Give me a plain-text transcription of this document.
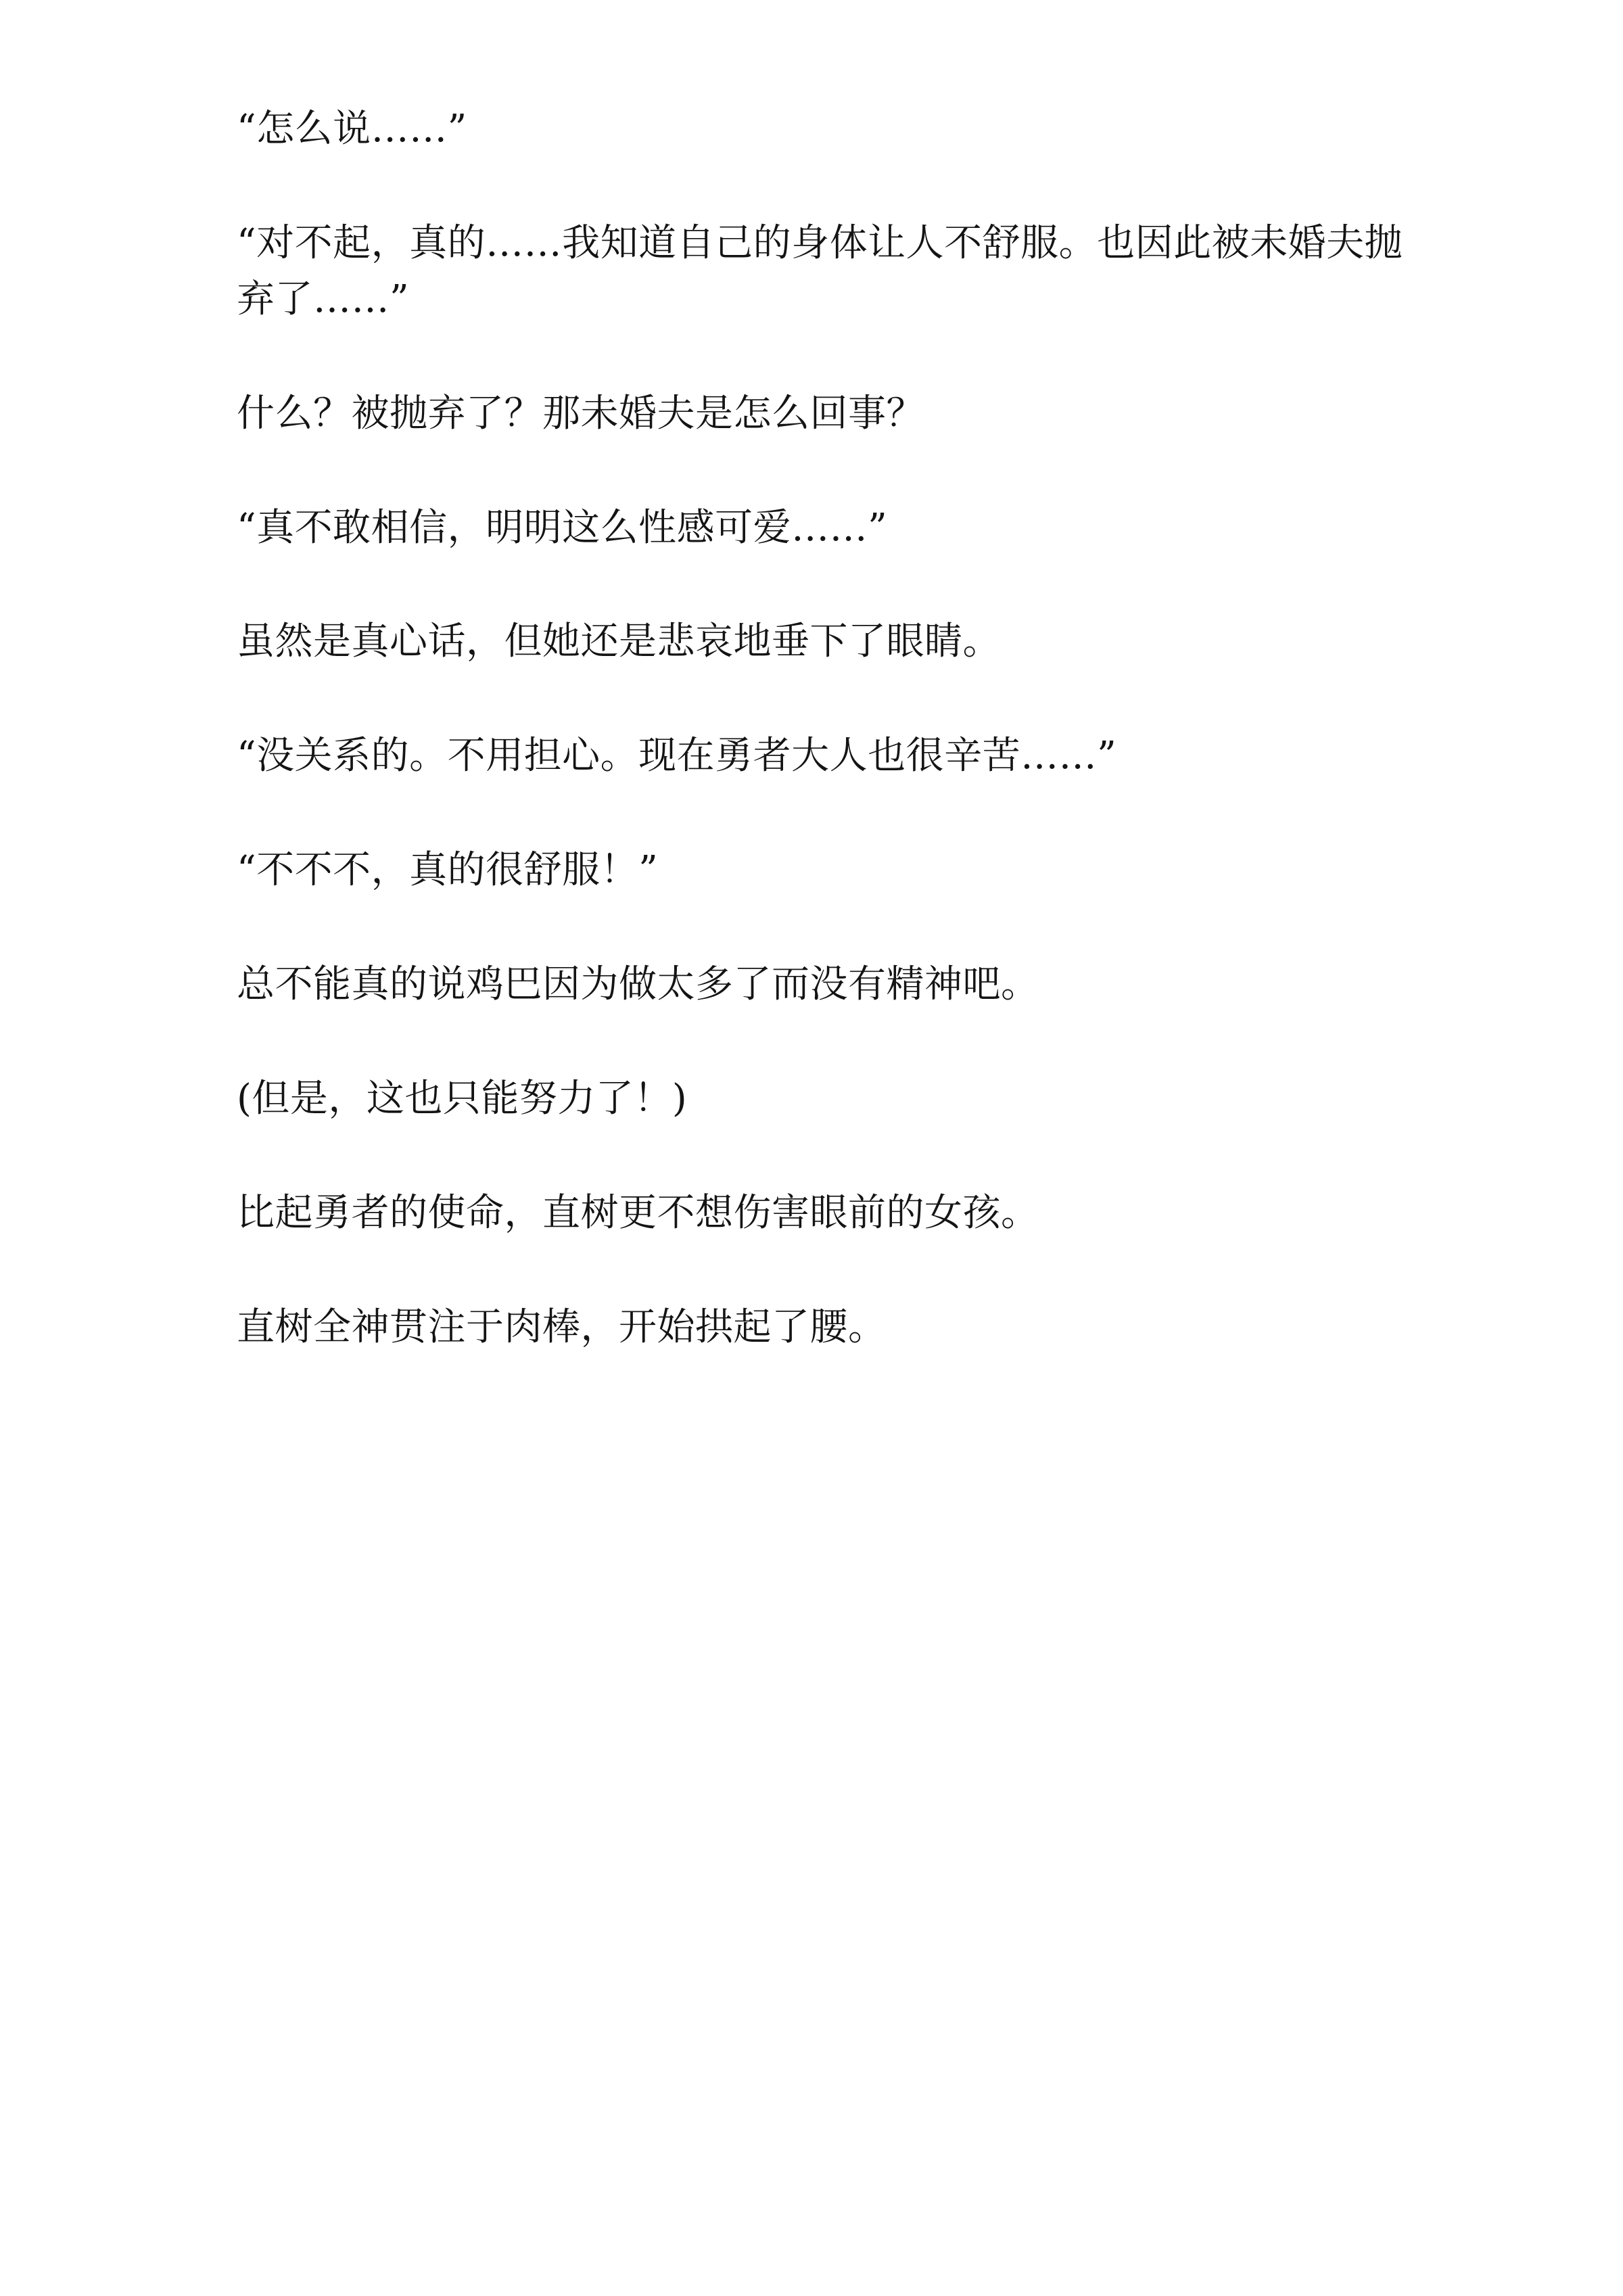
“怎么说……”

“对不起，真的……我知道自己的身体让人不舒服。也因此被未婚夫抛弃了……”

什么？被抛弃了？那未婚夫是怎么回事？

“真不敢相信，明明这么性感可爱……”

虽然是真心话，但她还是悲哀地垂下了眼睛。

“没关系的。不用担心。现在勇者大人也很辛苦……”

“不不不，真的很舒服！”

总不能真的说鸡巴因为做太多了而没有精神吧。

(但是，这也只能努力了！)

比起勇者的使命，直树更不想伤害眼前的女孩。

直树全神贯注于肉棒，开始拱起了腰。
